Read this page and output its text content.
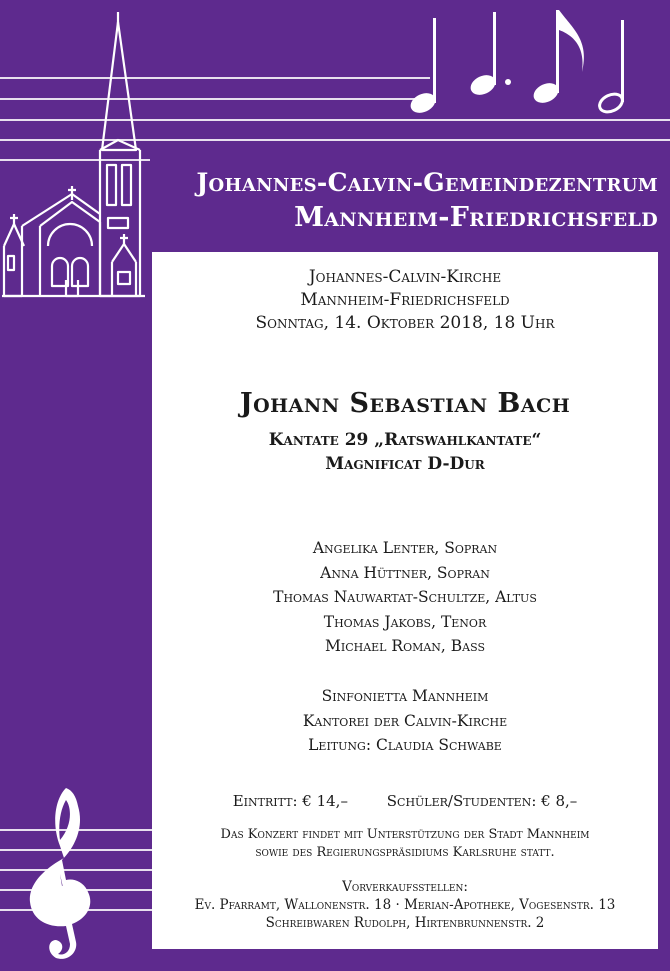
Johannes-Calvin-Gemeindezentrum
Mannheim-Friedrichsfeld
Johannes-Calvin-Kirche
Mannheim-Friedrichsfeld
Sonntag, 14. Oktober 2018, 18 Uhr
Johann Sebastian Bach
Kantate 29 „Ratswahlkantate“
Magnificat D-Dur
Angelika Lenter, Sopran
Anna Hüttner, Sopran
Thomas Nauwartat-Schultze, Altus
Thomas Jakobs, Tenor
Michael Roman, Bass
Sinfonietta Mannheim
Kantorei der Calvin-Kirche
Leitung: Claudia Schwabe
Eintritt: € 14,–	Schüler/Studenten: € 8,–
Das Konzert findet mit Unterstützung der Stadt Mannheim
sowie des Regierungspräsidiums Karlsruhe statt.
Vorverkaufsstellen:
Ev. Pfarramt, Wallonenstr. 18 · Merian-Apotheke, Vogesenstr. 13
Schreibwaren Rudolph, Hirtenbrunnenstr. 2
